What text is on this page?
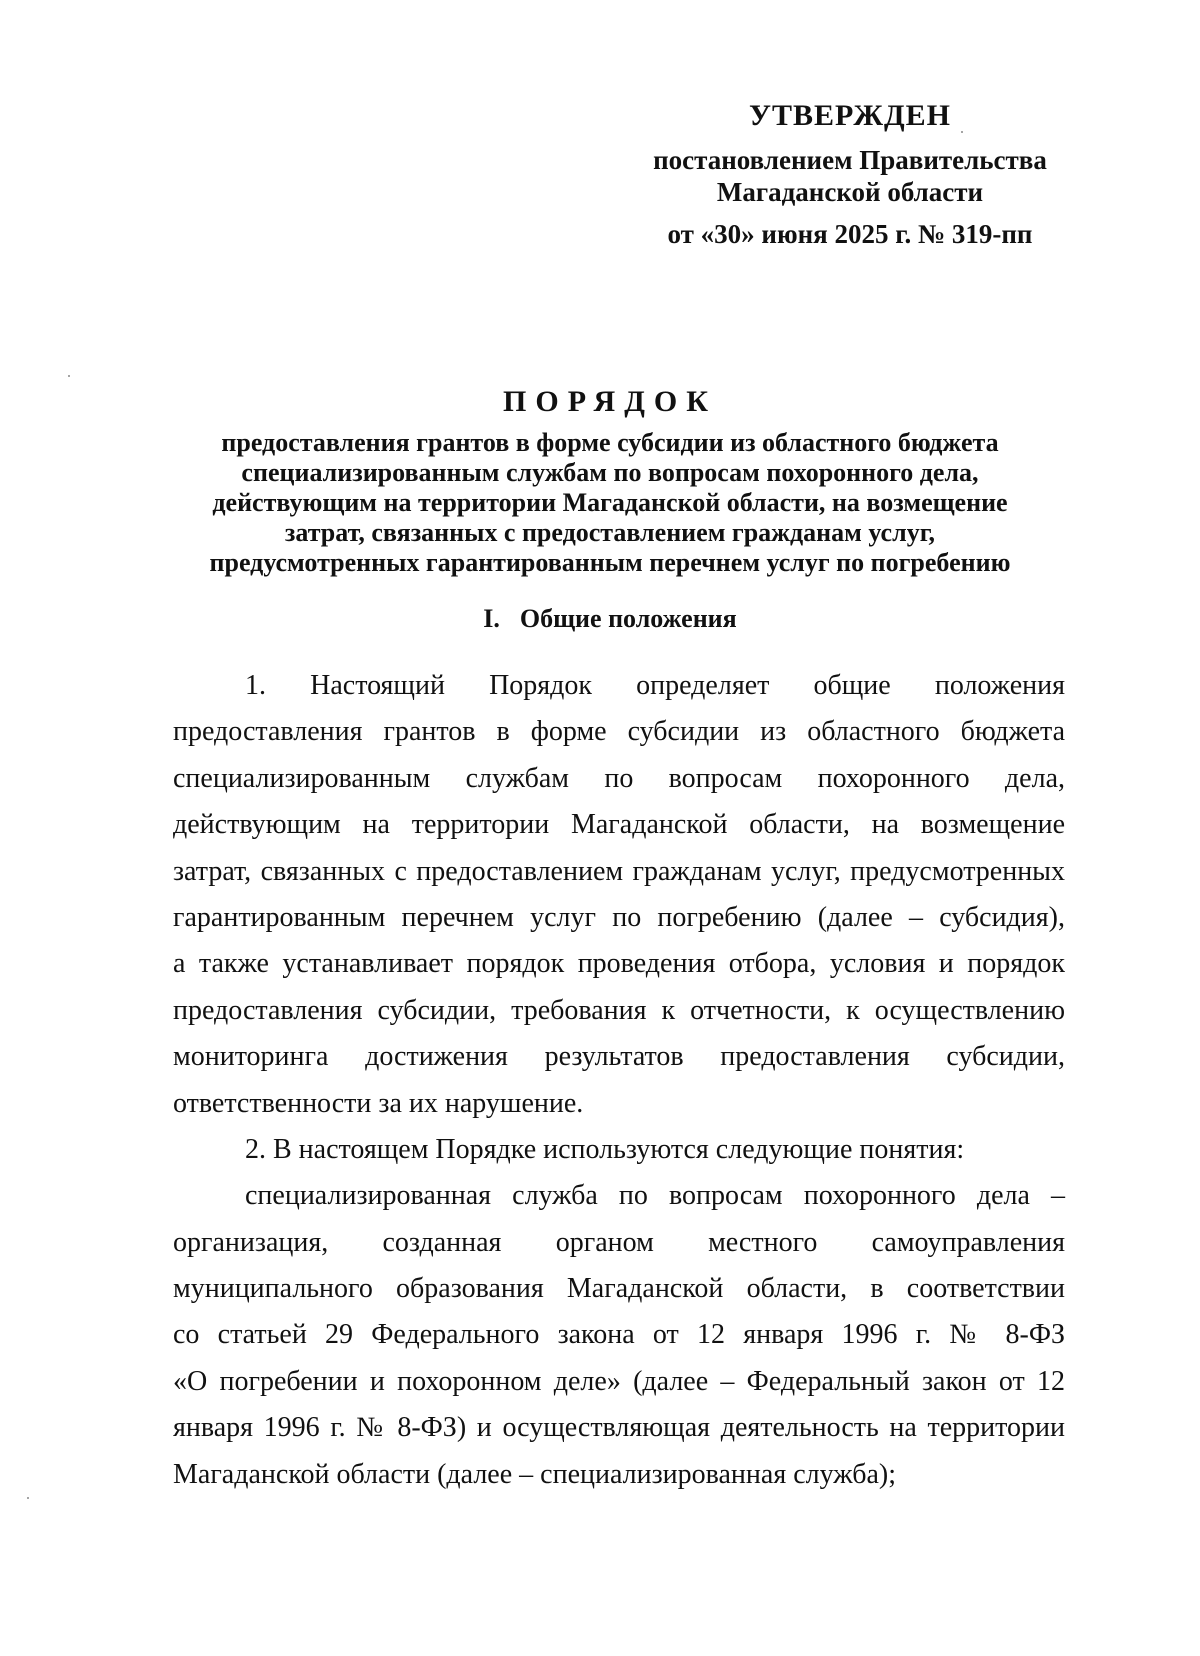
УТВЕРЖДЕН
постановлением Правительства
Магаданской области
от «30» июня 2025 г. № 319-пп
ПОРЯДОК
предоставления грантов в форме субсидии из областного бюджета
специализированным службам по вопросам похоронного дела,
действующим на территории Магаданской области, на возмещение
затрат, связанных с предоставлением гражданам услуг,
предусмотренных гарантированным перечнем услуг по погребению
I. Общие положения
1. Настоящий Порядок определяет общие положения
предоставления грантов в форме субсидии из областного бюджета
специализированным службам по вопросам похоронного дела,
действующим на территории Магаданской области, на возмещение
затрат, связанных с предоставлением гражданам услуг, предусмотренных
гарантированным перечнем услуг по погребению (далее – субсидия),
а также устанавливает порядок проведения отбора, условия и порядок
предоставления субсидии, требования к отчетности, к осуществлению
мониторинга достижения результатов предоставления субсидии,
ответственности за их нарушение.
2. В настоящем Порядке используются следующие понятия:
специализированная служба по вопросам похоронного дела –
организация, созданная органом местного самоуправления
муниципального образования Магаданской области, в соответствии
со статьей 29 Федерального закона от 12 января 1996 г. № 8-ФЗ
«О погребении и похоронном деле» (далее – Федеральный закон от 12
января 1996 г. № 8-ФЗ) и осуществляющая деятельность на территории
Магаданской области (далее – специализированная служба);
